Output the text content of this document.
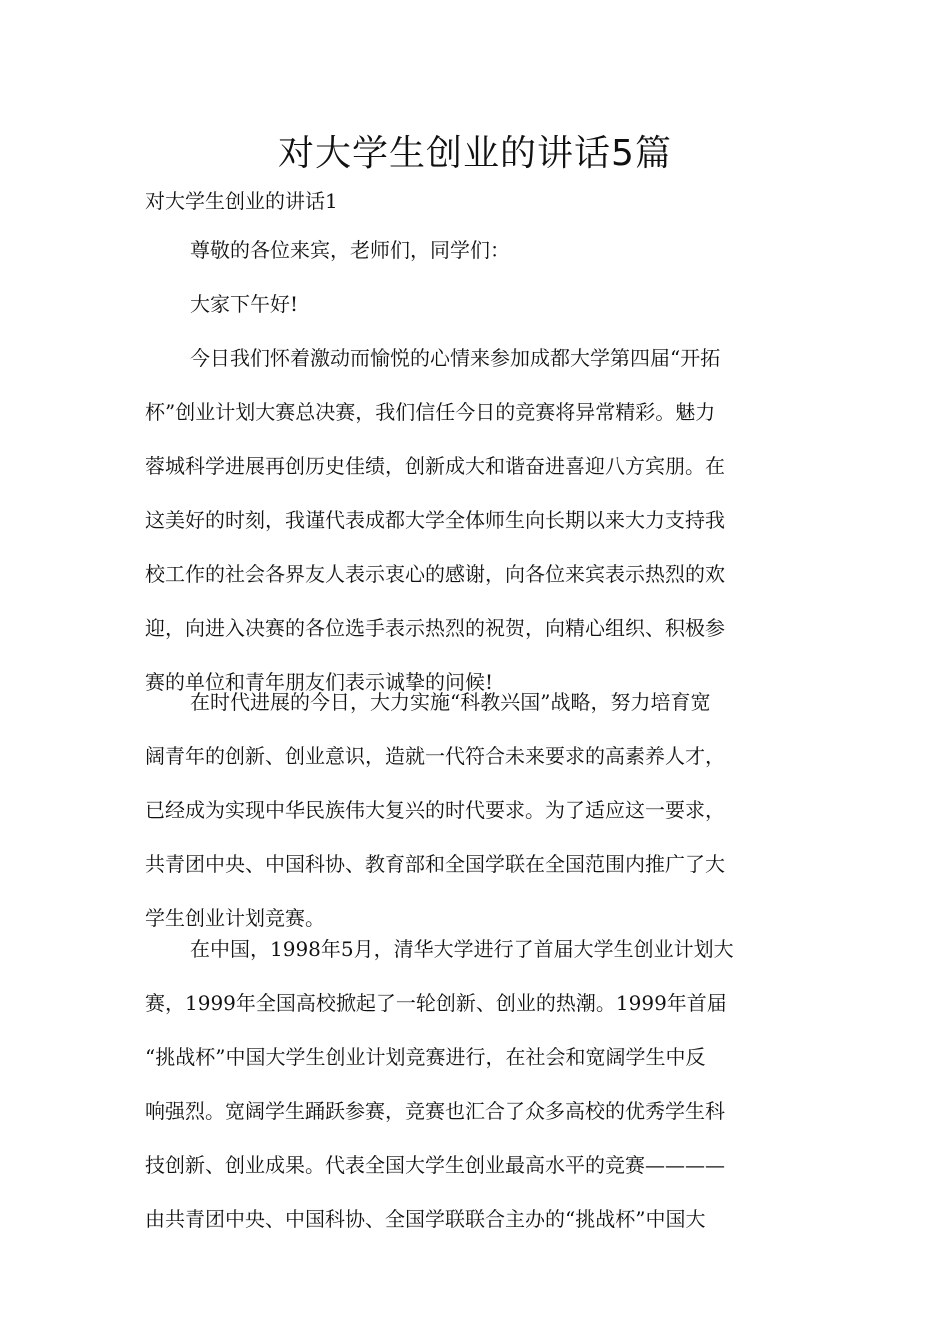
对大学生创业的讲话5篇

对大学生创业的讲话1

尊敬的各位来宾，老师们，同学们：

大家下午好!

今日我们怀着激动而愉悦的心情来参加成都大学第四届“开拓
杯”创业计划大赛总决赛，我们信任今日的竞赛将异常精彩。魅力
蓉城科学进展再创历史佳绩，创新成大和谐奋进喜迎八方宾朋。在
这美好的时刻，我谨代表成都大学全体师生向长期以来大力支持我
校工作的社会各界友人表示衷心的感谢，向各位来宾表示热烈的欢
迎，向进入决赛的各位选手表示热烈的祝贺，向精心组织、积极参
赛的单位和青年朋友们表示诚挚的问候!

在时代进展的今日，大力实施“科教兴国”战略，努力培育宽
阔青年的创新、创业意识，造就一代符合未来要求的高素养人才，
已经成为实现中华民族伟大复兴的时代要求。为了适应这一要求，
共青团中央、中国科协、教育部和全国学联在全国范围内推广了大
学生创业计划竞赛。

在中国，1998年5月，清华大学进行了首届大学生创业计划大
赛，1999年全国高校掀起了一轮创新、创业的热潮。1999年首届
“挑战杯”中国大学生创业计划竞赛进行，在社会和宽阔学生中反
响强烈。宽阔学生踊跃参赛，竞赛也汇合了众多高校的优秀学生科
技创新、创业成果。代表全国大学生创业最高水平的竞赛————
由共青团中央、中国科协、全国学联联合主办的“挑战杯”中国大
